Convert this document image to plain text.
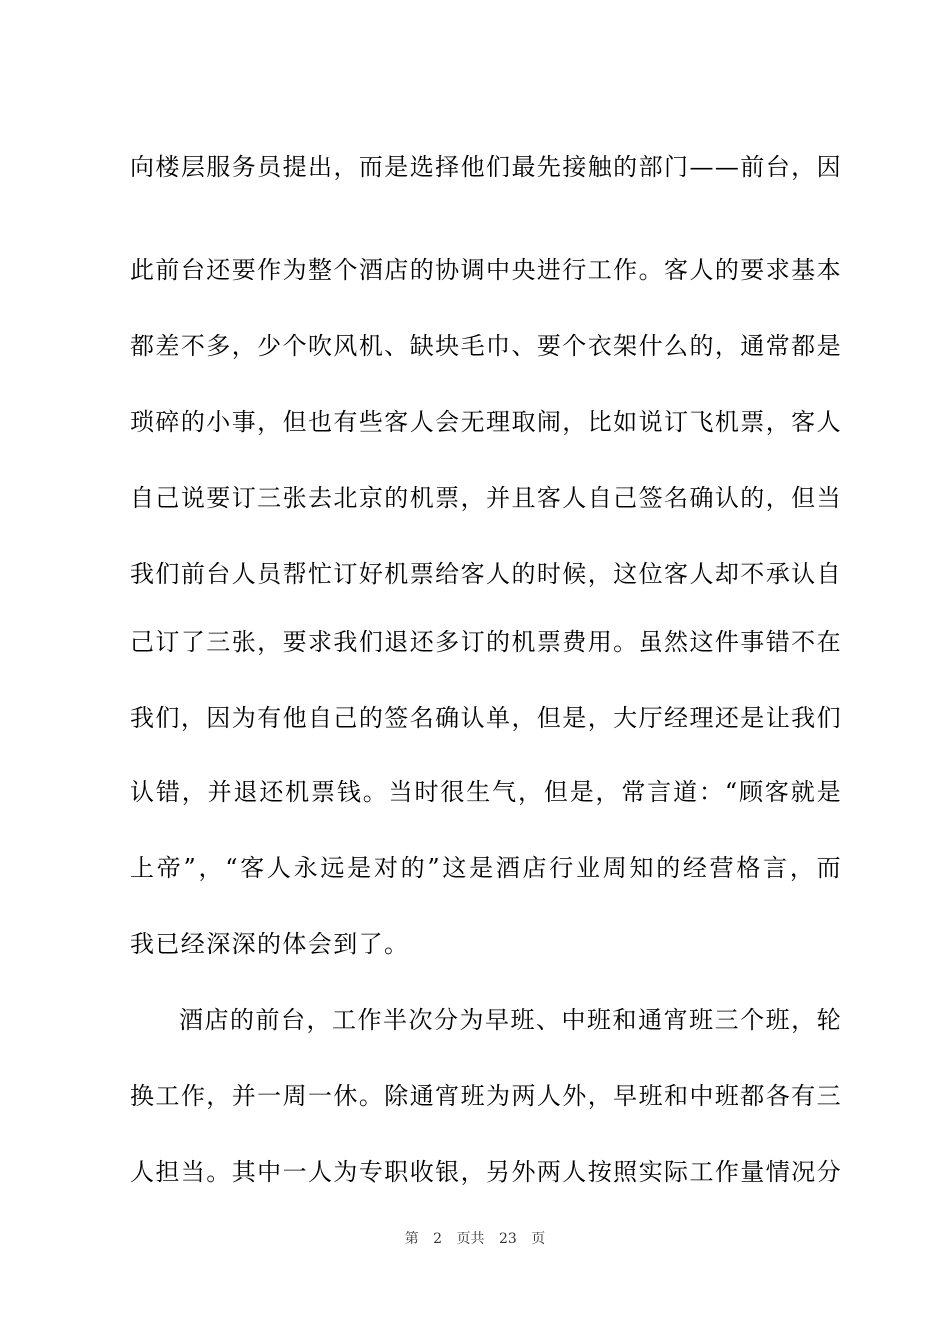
向楼层服务员提出，而是选择他们最先接触的部门——前台，因
此前台还要作为整个酒店的协调中央进行工作。客人的要求基本
都差不多，少个吹风机、缺块毛巾、要个衣架什么的，通常都是
琐碎的小事，但也有些客人会无理取闹，比如说订飞机票，客人
自己说要订三张去北京的机票，并且客人自己签名确认的，但当
我们前台人员帮忙订好机票给客人的时候，这位客人却不承认自
己订了三张，要求我们退还多订的机票费用。虽然这件事错不在
我们，因为有他自己的签名确认单，但是，大厅经理还是让我们
认错，并退还机票钱。当时很生气，但是，常言道：“顾客就是
上帝”，“客人永远是对的”这是酒店行业周知的经营格言，而
我已经深深的体会到了。
酒店的前台，工作半次分为早班、中班和通宵班三个班，轮
换工作，并一周一休。除通宵班为两人外，早班和中班都各有三
人担当。其中一人为专职收银，另外两人按照实际工作量情况分
第 2 页共 23 页
